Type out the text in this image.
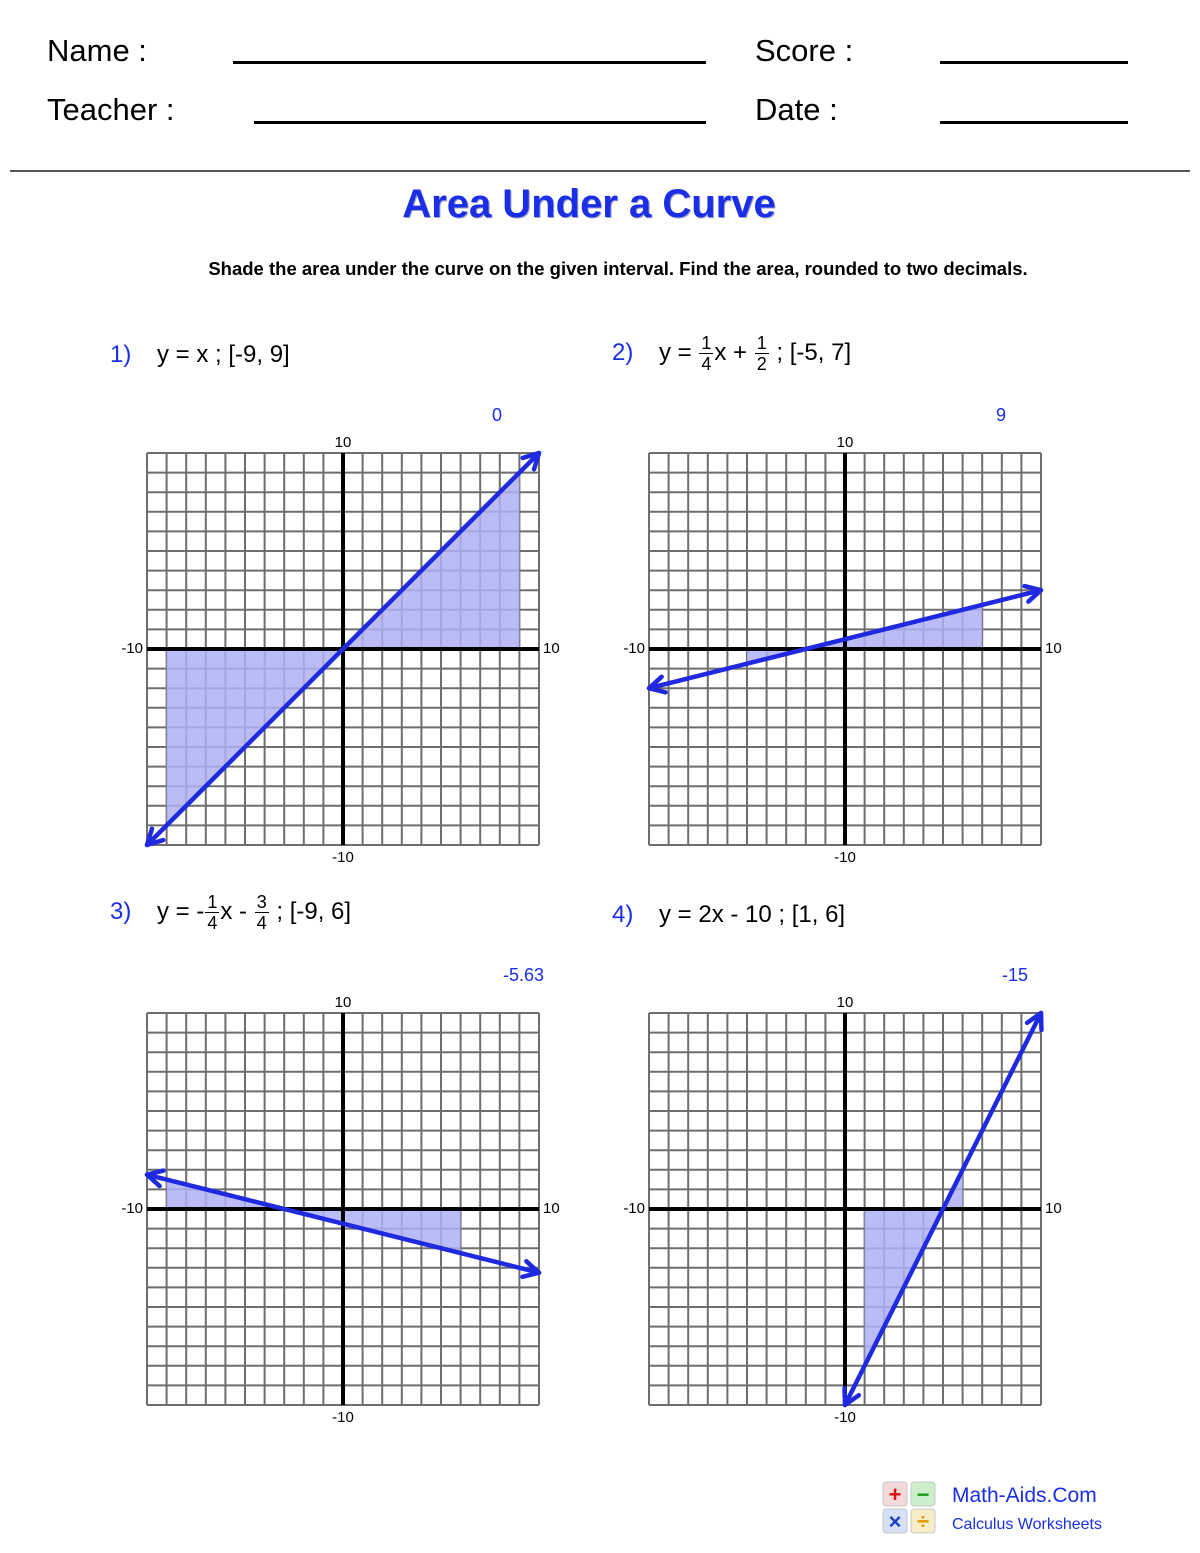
Name :	Score :
Teacher :	Date :
Area Under a Curve
Shade the area under the curve on the given interval. Find the area, rounded to two decimals.
1) y = x ; [-9, 9]
0
10
-10
-10	10
2) $y = \frac{1}{4}$ $x + \frac{1}{2}$ ; [-5, 7]
9
10
-10
-10	10
3) y = - $\frac{1}{4}$ x - $\frac{3}{4}$ ; [-9, 6]
-5.63
10
-10
-10	10
4) y = 2x - 10 ; [1, 6]
-15
10
-10
-10	10
+ −
× ÷
Math-Aids.Com
Calculus Worksheets
